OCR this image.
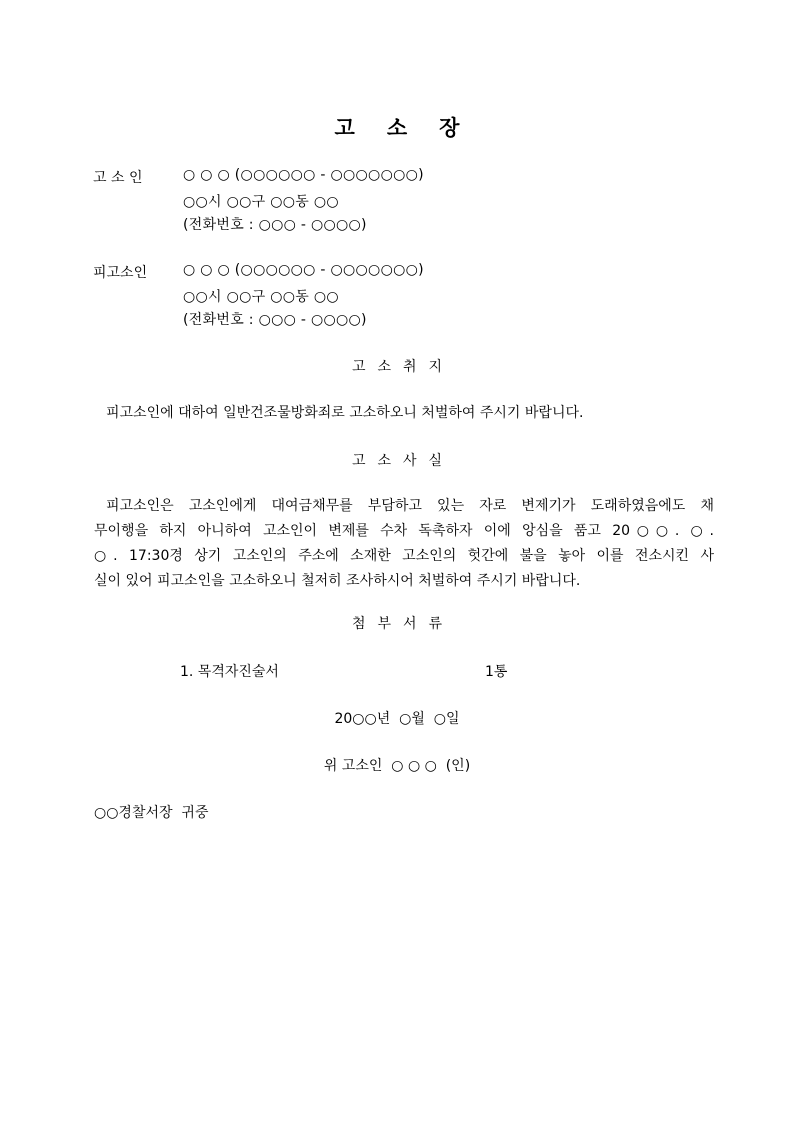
고 소 장
고 소 인	○ ○ ○ (○○○○○○ - ○○○○○○○)
○○시 ○○구 ○○동 ○○
(전화번호 : ○○○ - ○○○○)
피고소인	○ ○ ○ (○○○○○○ - ○○○○○○○)
○○시 ○○구 ○○동 ○○
(전화번호 : ○○○ - ○○○○)
고 소 취 지
피고소인에 대하여 일반건조물방화죄로 고소하오니 처벌하여 주시기 바랍니다.
고 소 사 실
피고소인은 고소인에게 대여금채무를 부담하고 있는 자로 변제기가 도래하였음에도 채
무이행을 하지 아니하여 고소인이 변제를 수차 독촉하자 이에 앙심을 품고 20○○. ○.
○. 17:30경 상기 고소인의 주소에 소재한 고소인의 헛간에 불을 놓아 이를 전소시킨 사
실이 있어 피고소인을 고소하오니 철저히 조사하시어 처벌하여 주시기 바랍니다.
첨 부 서 류
1. 목격자진술서	1통
20○○년  ○월  ○일
위 고소인  ○ ○ ○  (인)
○○경찰서장  귀중
